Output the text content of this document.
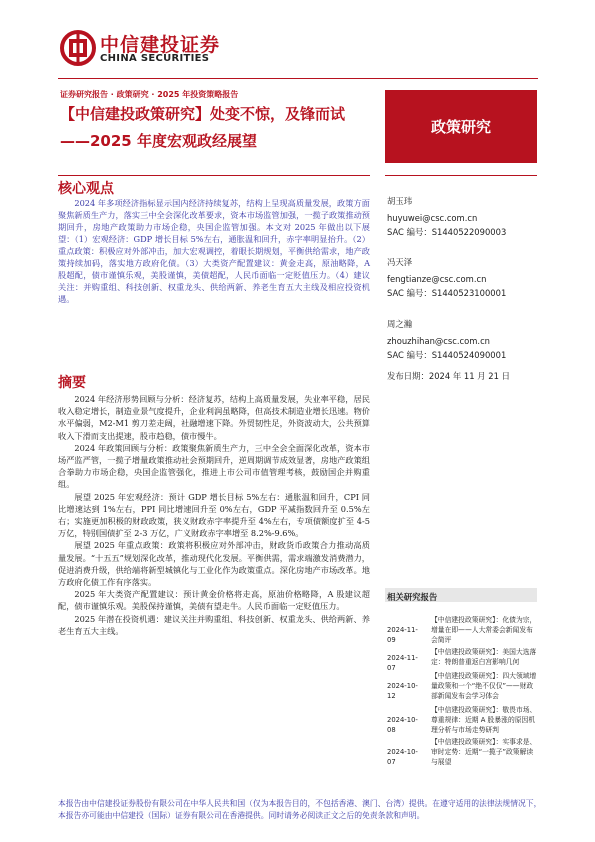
中信建投证券
CHINA SECURITIES
证券研究报告 · 政策研究 · 2025 年投资策略报告
【中信建投政策研究】处变不惊，及锋而试
——2025 年度宏观政经展望
政策研究
核心观点
2024 年多项经济指标显示国内经济持续复苏，结构上呈现高质量发展，政策方面聚焦新质生产力，落实三中全会深化改革要求，资本市场监管加强，一揽子政策推动预期回升，房地产政策助力市场企稳，央国企监管加强。本文对 2025 年做出以下展望：（1）宏观经济：GDP 增长目标 5%左右，通胀温和回升，赤字率明显抬升。（2）重点政策：积极应对外部冲击，加大宏观调控，着眼长期规划，平衡供给需求，地产政策持续加码，落实地方政府化债。（3）大类资产配置建议：黄金走高，原油略降，A 股超配，债市谨慎乐观，美股谨慎，美债超配，人民币面临一定贬值压力。（4）建议关注：并购重组、科技创新、权重龙头、供给两新、养老生育五大主线及相应投资机遇。
摘要

2024 年经济形势回顾与分析：经济复苏，结构上高质量发展，失业率平稳，居民收入稳定增长，制造业景气度提升，企业利润虽略降，但高技术制造业增长迅速。物价水平偏弱，M2-M1 剪刀差走阔，社融增速下降。外贸韧性足，外资波动大，公共预算收入下滑而支出提速，股市趋稳，债市慢牛。

2024 年政策回顾与分析：政策聚焦新质生产力，三中全会全面深化改革，资本市场严监严管，一揽子增量政策推动社会预期回升，逆周期调节成效显著，房地产政策组合拳助力市场企稳，央国企监管强化，推进上市公司市值管理考核，鼓励国企并购重组。

展望 2025 年宏观经济：预计 GDP 增长目标 5%左右：通胀温和回升，CPI 同比增速达到 1%左右，PPI 同比增速回升至 0%左右，GDP 平减指数回升至 0.5%左右；实施更加积极的财政政策，狭义财政赤字率提升至 4%左右，专项债额度扩至 4-5 万亿，特别国债扩至 2-3 万亿，广义财政赤字率增至 8.2%-9.6%。

展望 2025 年重点政策：政策将积极应对外部冲击，财政货币政策合力推动高质量发展。“十五五”规划深化改革，推动现代化发展。平衡供需，需求端激发消费潜力，促进消费升级，供给端将新型城镇化与工业化作为政策重点。深化房地产市场改革。地方政府化债工作有序落实。

2025 年大类资产配置建议：预计黄金价格将走高，原油价格略降，A 股建议超配，债市谨慎乐观。美股保持谨慎，美债有望走牛。人民币面临一定贬值压力。

2025 年潜在投资机遇：建议关注并购重组、科技创新、权重龙头、供给两新、养老生育五大主线。

胡玉玮
huyuwei@csc.com.cn
SAC 编号：S1440522090003
冯天泽
fengtianze@csc.com.cn
SAC 编号：S1440523100001
周之瀚
zhouzhihan@csc.com.cn
SAC 编号：S1440524090001
发布日期：2024 年 11 月 21 日
相关研究报告
2024-11-09
【中信建投政策研究】：化债为宗，增量在即——人大常委会新闻发布会简评
2024-11-07
【中信建投政策研究】：美国大选落定：特朗普重返白宫影响几何
2024-10-12
【中信建投政策研究】：四大领域增量政策和一个“绝不仅仅”——财政部新闻发布会学习体会
2024-10-08
【中信建投政策研究】：敬畏市场、尊重规律：近期 A 股暴涨的原因机理分析与市场走势研判
2024-10-07
【中信建投政策研究】：实事求是、审时定势：近期“一揽子”政策解读与展望
本报告由中信建投证券股份有限公司在中华人民共和国（仅为本报告目的，不包括香港、澳门、台湾）提供。在遵守适用的法律法规情况下，本报告亦可能由中信建投（国际）证券有限公司在香港提供。同时请务必阅读正文之后的免责条款和声明。
